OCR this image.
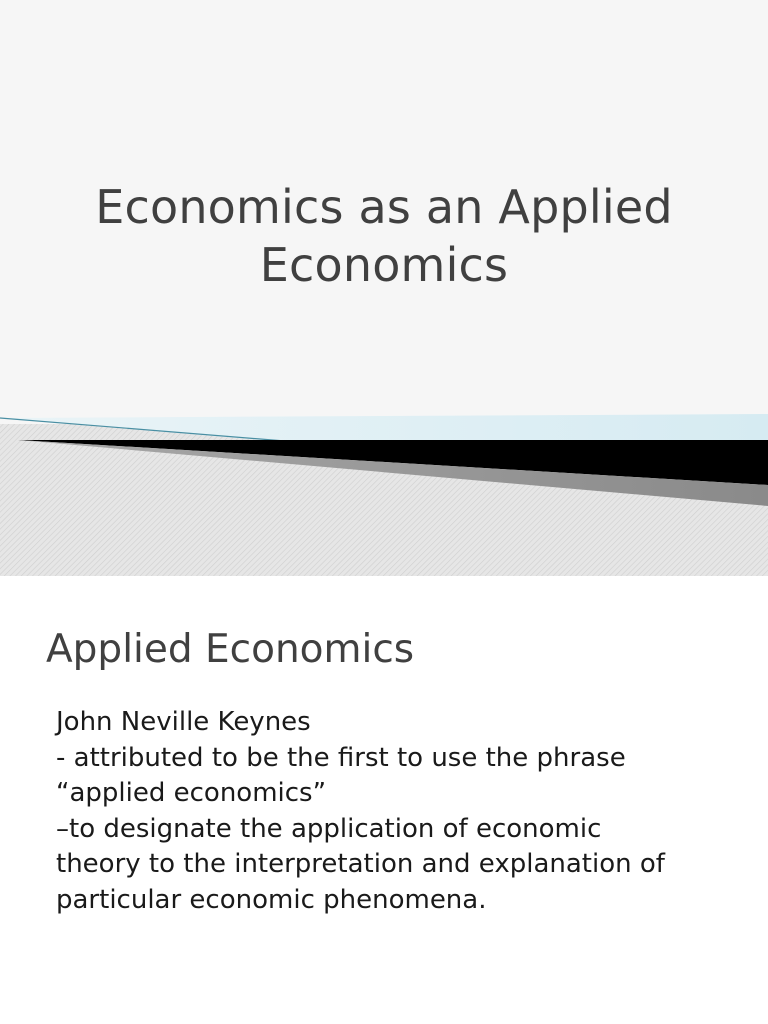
Economics as an Applied
Economics
Applied Economics
John Neville Keynes
- attributed to be the first to use the phrase
“applied economics”
–to designate the application of economic
theory to the interpretation and explanation of
particular economic phenomena.
